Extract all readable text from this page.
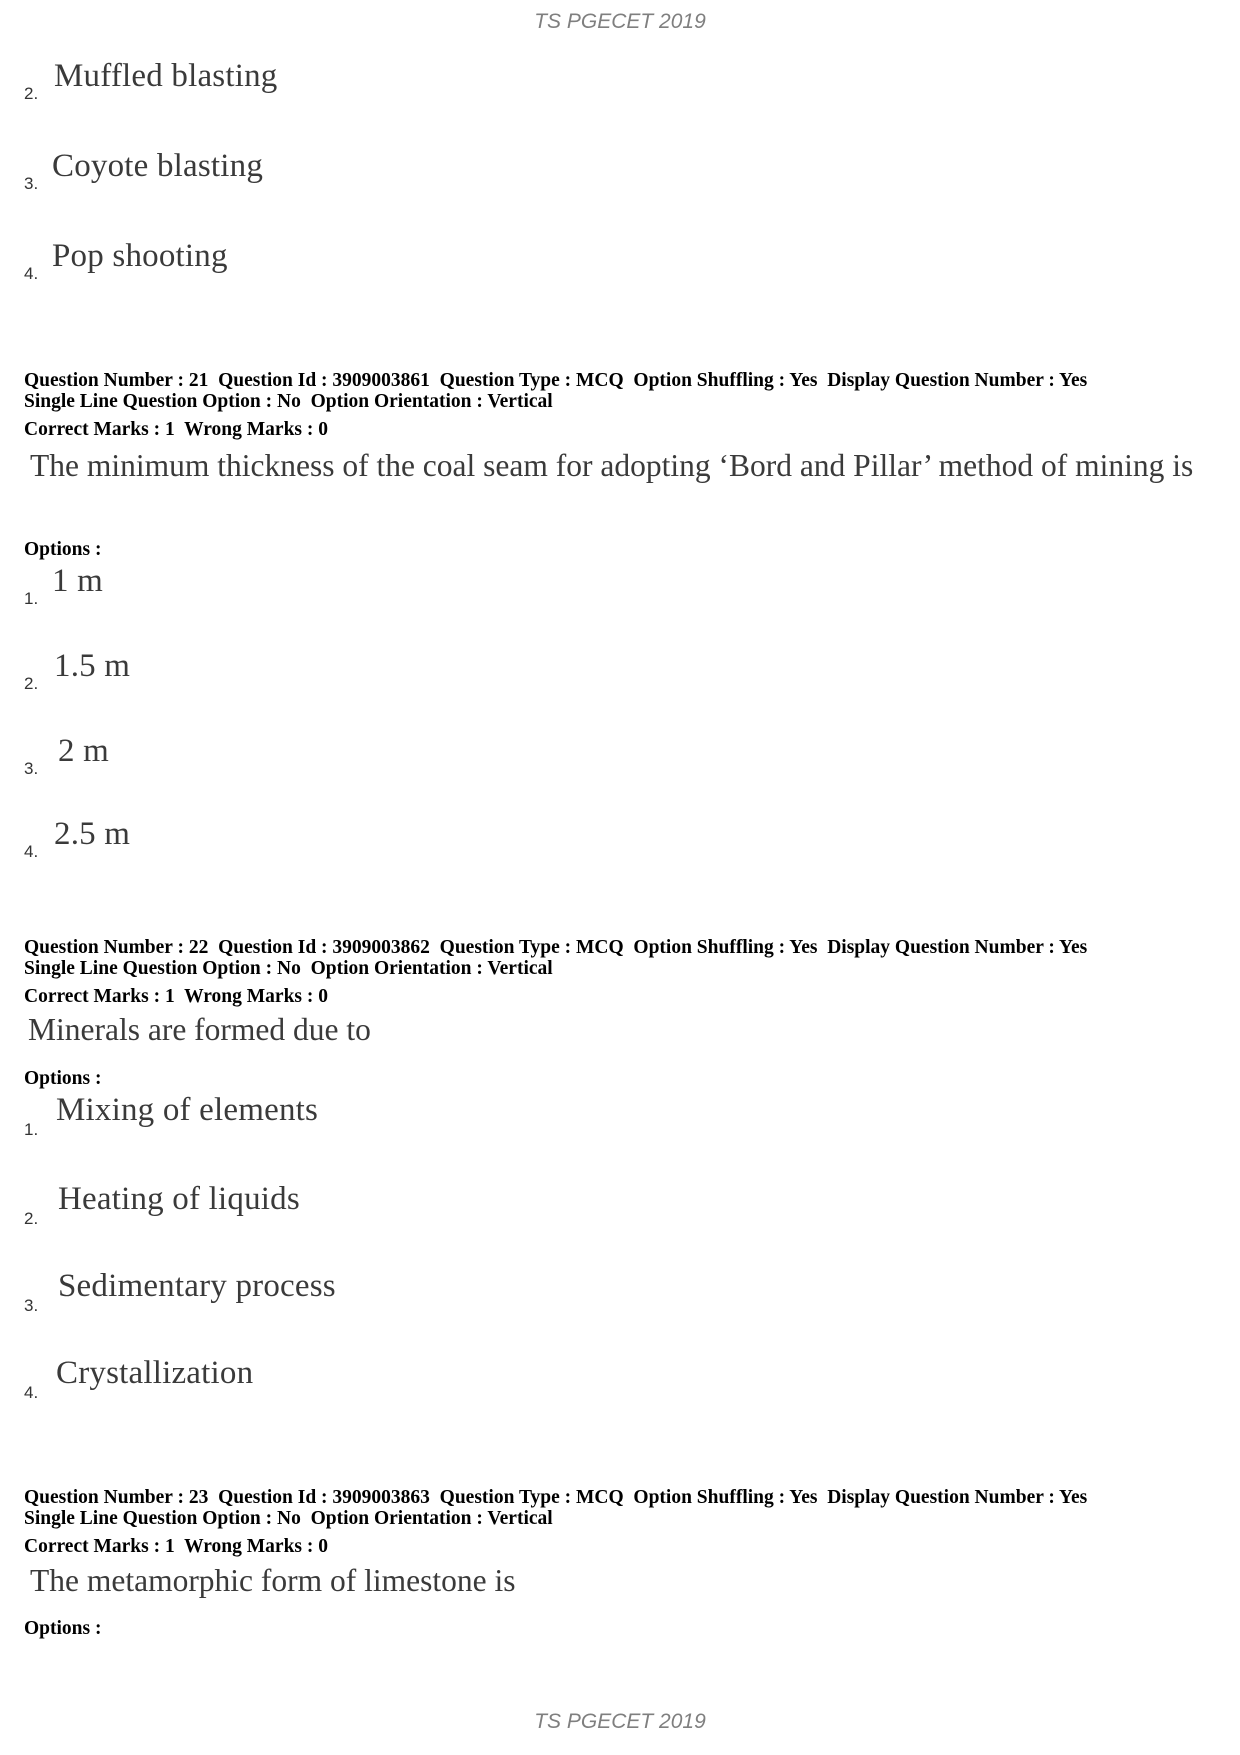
TS PGECET 2019
2. Muffled blasting
3. Coyote blasting
4. Pop shooting
Question Number : 21  Question Id : 3909003861  Question Type : MCQ  Option Shuffling : Yes  Display Question Number : Yes
Single Line Question Option : No  Option Orientation : Vertical
Correct Marks : 1  Wrong Marks : 0
The minimum thickness of the coal seam for adopting ‘Bord and Pillar’ method of mining is
Options :
1. 1 m
2. 1.5 m
3. 2 m
4. 2.5 m
Question Number : 22  Question Id : 3909003862  Question Type : MCQ  Option Shuffling : Yes  Display Question Number : Yes
Single Line Question Option : No  Option Orientation : Vertical
Correct Marks : 1  Wrong Marks : 0
Minerals are formed due to
Options :
1.
Mixing of elements
2.
Heating of liquids
3.
Sedimentary process
4.
Crystallization
Question Number : 23  Question Id : 3909003863  Question Type : MCQ  Option Shuffling : Yes  Display Question Number : Yes
Single Line Question Option : No  Option Orientation : Vertical
Correct Marks : 1  Wrong Marks : 0
The metamorphic form of limestone is
Options :
TS PGECET 2019
